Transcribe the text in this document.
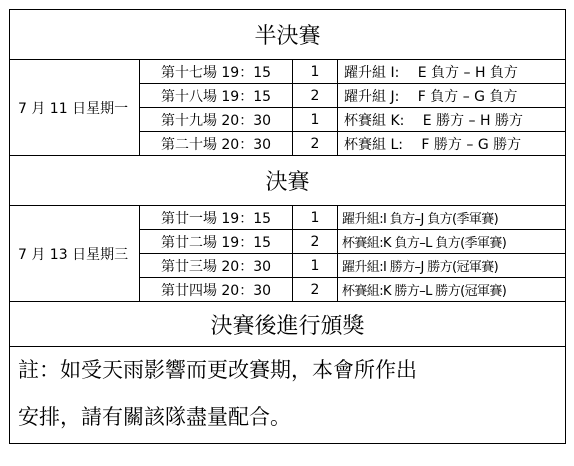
半決賽			
7 月 11 日星期一	第十七場 19：15	1	躍升組 I:　 E 負方 – H 負方
	第十八場 19：15	2	躍升組 J:　 F 負方 – G 負方
	第十九場 20：30	1	杯賽組 K:　 E 勝方 – H 勝方
	第二十場 20：30	2	杯賽組 L:　 F 勝方 – G 勝方
決賽			
7 月 13 日星期三	第廿一場 19：15	1	躍升組:I 負方–J 負方(季軍賽)
	第廿二場 19：15	2	杯賽組:K 負方–L 負方(季軍賽)
	第廿三場 20：30	1	躍升組:I 勝方–J 勝方(冠軍賽)
	第廿四場 20：30	2	杯賽組:K 勝方–L 勝方(冠軍賽)
決賽後進行頒獎			

註：如受天雨影響而更改賽期，本會所作出
安排，請有關該隊盡量配合。			
